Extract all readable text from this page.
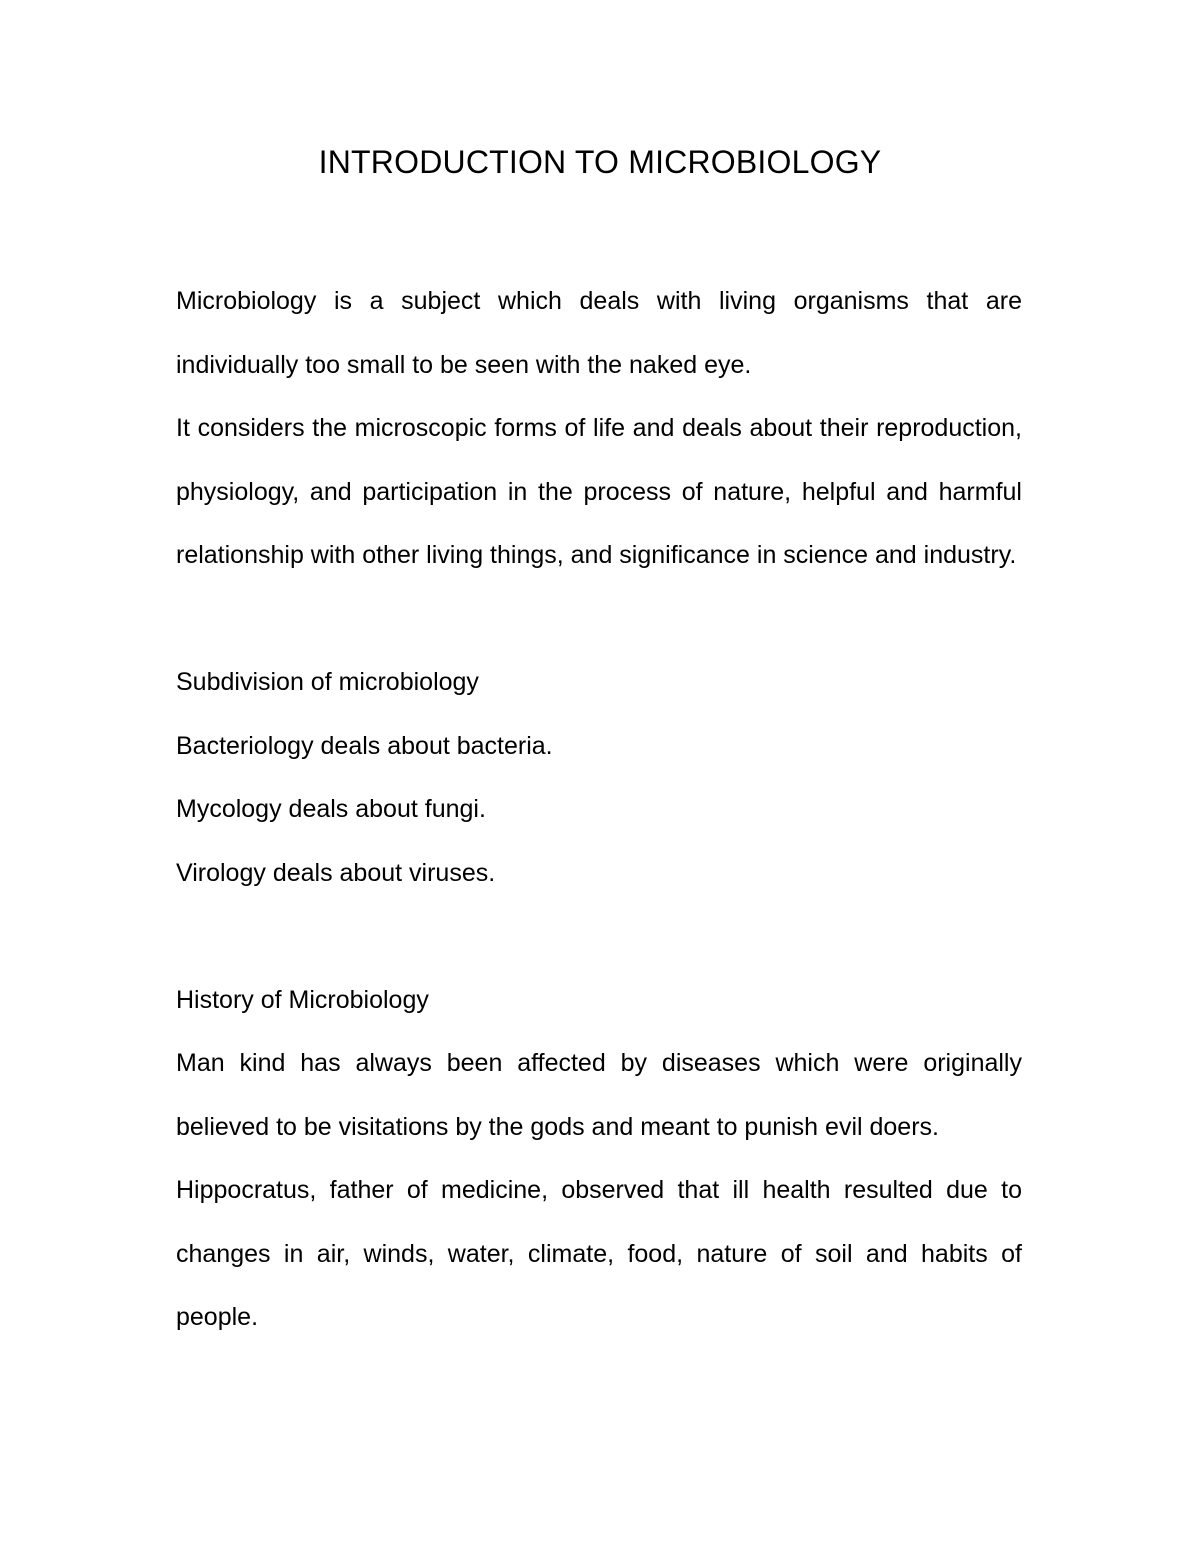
INTRODUCTION TO MICROBIOLOGY

Microbiology is a subject which deals with living organisms that are individually too small to be seen with the naked eye.

It considers the microscopic forms of life and deals about their reproduction, physiology, and participation in the process of nature, helpful and harmful relationship with other living things, and significance in science and industry.

Subdivision of microbiology

Bacteriology deals about bacteria.

Mycology deals about fungi.

Virology deals about viruses.

History of Microbiology

Man kind has always been affected by diseases which were originally believed to be visitations by the gods and meant to punish evil doers.

Hippocratus, father of medicine, observed that ill health resulted due to changes in air, winds, water, climate, food, nature of soil and habits of people.
